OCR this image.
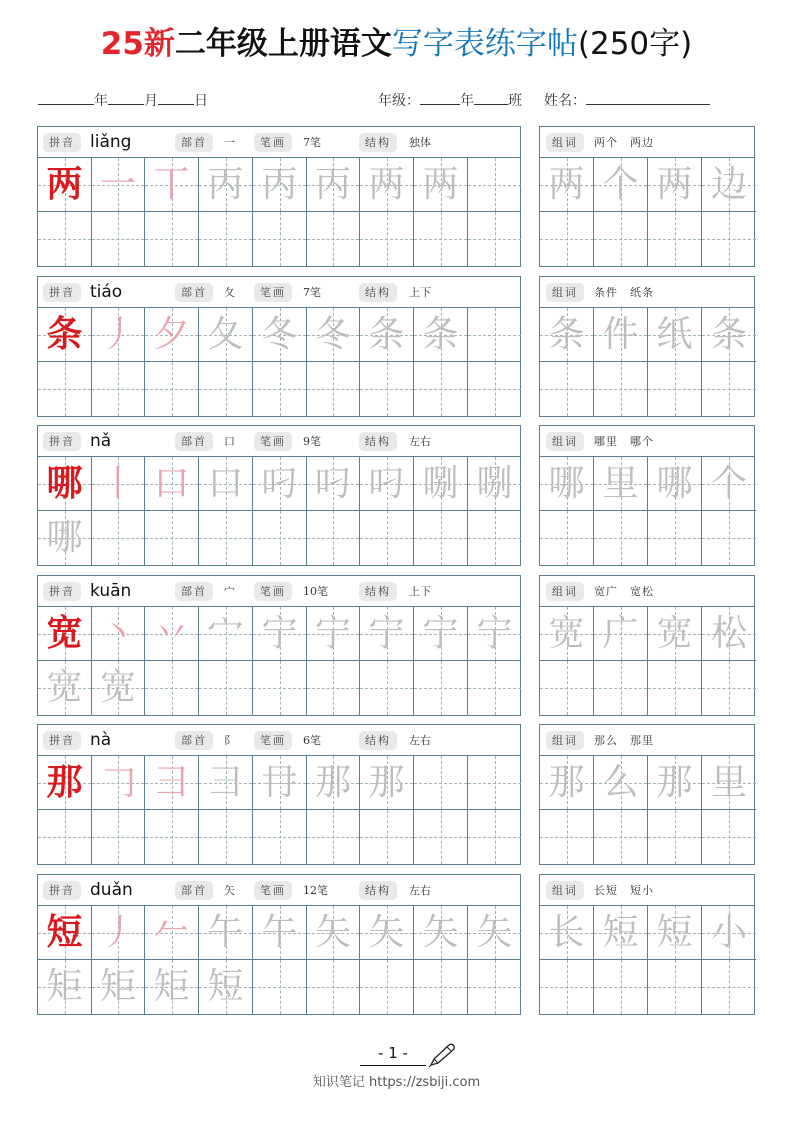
25新二年级上册语文写字表练字帖(250字)
年	月	日	年级：	年 班 姓名：
拼音 liǎng	部首	一	笔画	7笔	结构	独体
两 一 丅 丙 丙 丙 两 两
组词	两个　两边
两 个 两 边
拼音 tiáo	部首	夂	笔画	7笔	结构	上下
条 丿 夕 夂 冬 冬 条 条
组词	条件　纸条
条 件 纸 条
拼音 nǎ	部首	口	笔画	9笔	结构	左右
哪 丨 口 口 叼 叼 叼 哵 哵
哪
组词	哪里　哪个
哪 里 哪 个
拼音 kuān	部首	宀	笔画	10笔	结构	上下
宽 丶 丷 宀 宁 宁 宁 宁 宁
宽 宽
组词	宽广　宽松
宽 广 宽 松
拼音 nà	部首	阝	笔画	6笔	结构	左右
那 𠃌 彐 彐 冄 那 那
组词	那么　那里
那 么 那 里
拼音 duǎn	部首	矢	笔画	12笔	结构	左右
短 丿 𠂉 午 午 矢 矢 矢 矢
矩 矩 矩 短
组词	长短　短小
长 短 短 小
- 1 -
知识笔记 https://zsbiji.com
